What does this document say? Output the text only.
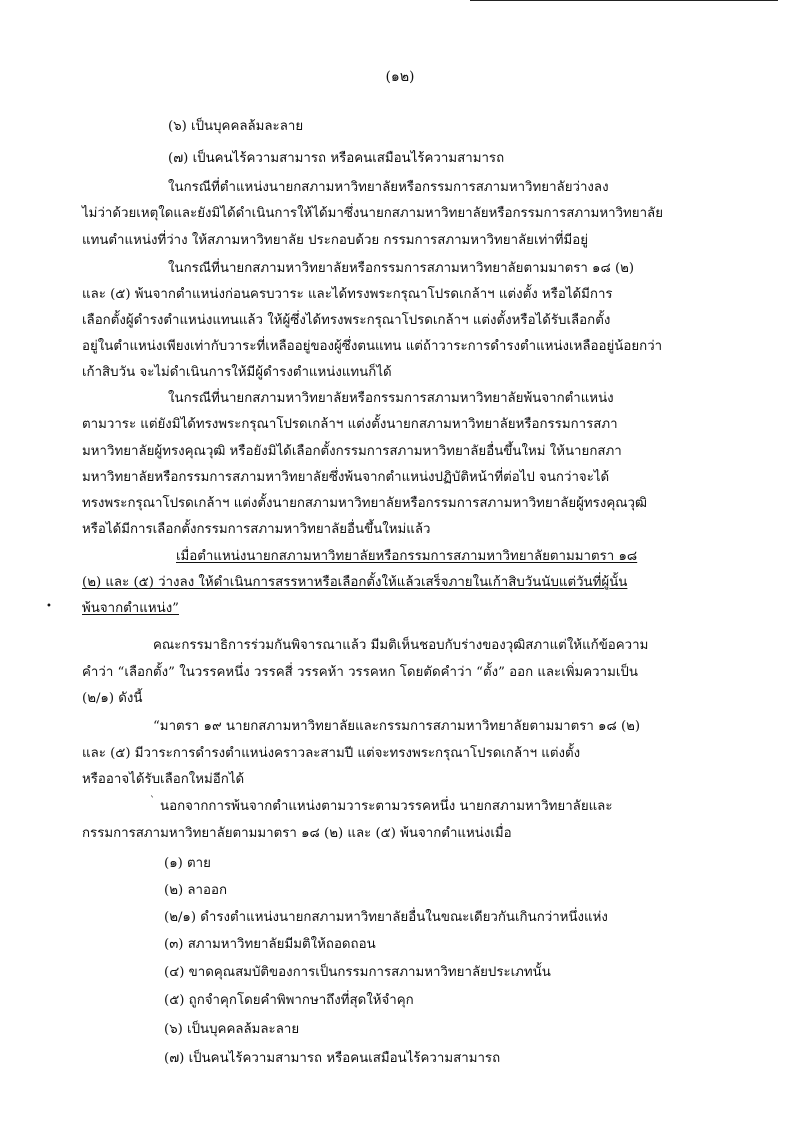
(๑๒)
(๖) เป็นบุคคลล้มละลาย
(๗) เป็นคนไร้ความสามารถ หรือคนเสมือนไร้ความสามารถ
ในกรณีที่ตำแหน่งนายกสภามหาวิทยาลัยหรือกรรมการสภามหาวิทยาลัยว่างลง
ไม่ว่าด้วยเหตุใดและยังมิได้ดำเนินการให้ได้มาซึ่งนายกสภามหาวิทยาลัยหรือกรรมการสภามหาวิทยาลัย
แทนตำแหน่งที่ว่าง ให้สภามหาวิทยาลัย ประกอบด้วย กรรมการสภามหาวิทยาลัยเท่าที่มีอยู่
ในกรณีที่นายกสภามหาวิทยาลัยหรือกรรมการสภามหาวิทยาลัยตามมาตรา ๑๘ (๒)
และ (๕) พ้นจากตำแหน่งก่อนครบวาระ และได้ทรงพระกรุณาโปรดเกล้าฯ แต่งตั้ง หรือได้มีการ
เลือกตั้งผู้ดำรงตำแหน่งแทนแล้ว ให้ผู้ซึ่งได้ทรงพระกรุณาโปรดเกล้าฯ แต่งตั้งหรือได้รับเลือกตั้ง
อยู่ในตำแหน่งเพียงเท่ากับวาระที่เหลืออยู่ของผู้ซึ่งตนแทน แต่ถ้าวาระการดำรงตำแหน่งเหลืออยู่น้อยกว่า
เก้าสิบวัน จะไม่ดำเนินการให้มีผู้ดำรงตำแหน่งแทนก็ได้
ในกรณีที่นายกสภามหาวิทยาลัยหรือกรรมการสภามหาวิทยาลัยพ้นจากตำแหน่ง
ตามวาระ แต่ยังมิได้ทรงพระกรุณาโปรดเกล้าฯ แต่งตั้งนายกสภามหาวิทยาลัยหรือกรรมการสภา
มหาวิทยาลัยผู้ทรงคุณวุฒิ หรือยังมิได้เลือกตั้งกรรมการสภามหาวิทยาลัยอื่นขึ้นใหม่ ให้นายกสภา
มหาวิทยาลัยหรือกรรมการสภามหาวิทยาลัยซึ่งพ้นจากตำแหน่งปฏิบัติหน้าที่ต่อไป จนกว่าจะได้
ทรงพระกรุณาโปรดเกล้าฯ แต่งตั้งนายกสภามหาวิทยาลัยหรือกรรมการสภามหาวิทยาลัยผู้ทรงคุณวุฒิ
หรือได้มีการเลือกตั้งกรรมการสภามหาวิทยาลัยอื่นขึ้นใหม่แล้ว
เมื่อตำแหน่งนายกสภามหาวิทยาลัยหรือกรรมการสภามหาวิทยาลัยตามมาตรา ๑๘
(๒) และ (๕) ว่างลง ให้ดำเนินการสรรหาหรือเลือกตั้งให้แล้วเสร็จภายในเก้าสิบวันนับแต่วันที่ผู้นั้น
พ้นจากตำแหน่ง”
•
คณะกรรมาธิการร่วมกันพิจารณาแล้ว มีมติเห็นชอบกับร่างของวุฒิสภาแต่ให้แก้ข้อความ
คำว่า “เลือกตั้ง” ในวรรคหนึ่ง วรรคสี่ วรรคห้า วรรคหก โดยตัดคำว่า “ตั้ง” ออก และเพิ่มความเป็น
(๒/๑) ดังนี้
“มาตรา ๑๙ นายกสภามหาวิทยาลัยและกรรมการสภามหาวิทยาลัยตามมาตรา ๑๘ (๒)
และ (๕) มีวาระการดำรงตำแหน่งคราวละสามปี แต่จะทรงพระกรุณาโปรดเกล้าฯ แต่งตั้ง
หรืออาจได้รับเลือกใหม่อีกได้
` นอกจากการพ้นจากตำแหน่งตามวาระตามวรรคหนึ่ง นายกสภามหาวิทยาลัยและ
กรรมการสภามหาวิทยาลัยตามมาตรา ๑๘ (๒) และ (๕) พ้นจากตำแหน่งเมื่อ
(๑) ตาย
(๒) ลาออก
(๒/๑) ดำรงตำแหน่งนายกสภามหาวิทยาลัยอื่นในขณะเดียวกันเกินกว่าหนึ่งแห่ง
(๓) สภามหาวิทยาลัยมีมติให้ถอดถอน
(๔) ขาดคุณสมบัติของการเป็นกรรมการสภามหาวิทยาลัยประเภทนั้น
(๕) ถูกจำคุกโดยคำพิพากษาถึงที่สุดให้จำคุก
(๖) เป็นบุคคลล้มละลาย
(๗) เป็นคนไร้ความสามารถ หรือคนเสมือนไร้ความสามารถ
